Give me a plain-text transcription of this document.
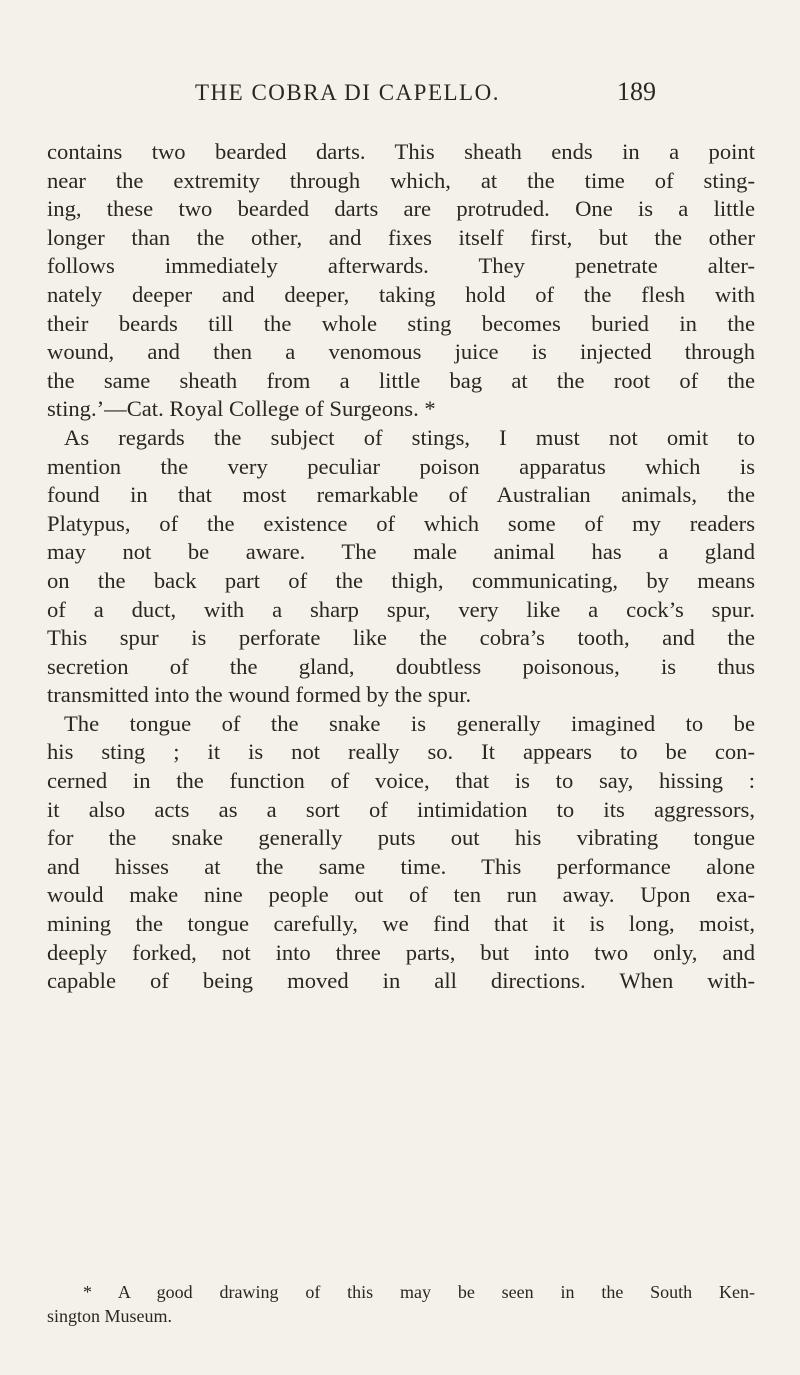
THE COBRA DI CAPELLO.	189
contains two bearded darts. This sheath ends in a point
near the extremity through which, at the time of sting-
ing, these two bearded darts are protruded. One is a little
longer than the other, and fixes itself first, but the other
follows immediately afterwards. They penetrate alter-
nately deeper and deeper, taking hold of the flesh with
their beards till the whole sting becomes buried in the
wound, and then a venomous juice is injected through
the same sheath from a little bag at the root of the
sting.’—Cat. Royal College of Surgeons. *
As regards the subject of stings, I must not omit to
mention the very peculiar poison apparatus which is
found in that most remarkable of Australian animals, the
Platypus, of the existence of which some of my readers
may not be aware. The male animal has a gland
on the back part of the thigh, communicating, by means
of a duct, with a sharp spur, very like a cock’s spur.
This spur is perforate like the cobra’s tooth, and the
secretion of the gland, doubtless poisonous, is thus
transmitted into the wound formed by the spur.
The tongue of the snake is generally imagined to be
his sting ; it is not really so. It appears to be con-
cerned in the function of voice, that is to say, hissing :
it also acts as a sort of intimidation to its aggressors,
for the snake generally puts out his vibrating tongue
and hisses at the same time. This performance alone
would make nine people out of ten run away. Upon exa-
mining the tongue carefully, we find that it is long, moist,
deeply forked, not into three parts, but into two only, and
capable of being moved in all directions. When with-
* A good drawing of this may be seen in the South Ken-
sington Museum.
